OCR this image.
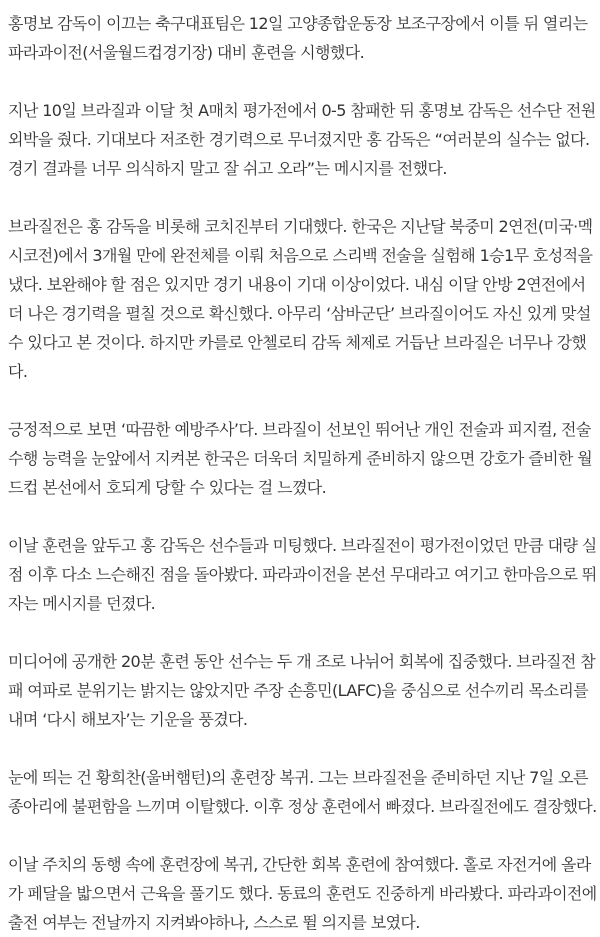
홍명보 감독이 이끄는 축구대표팀은 12일 고양종합운동장 보조구장에서 이틀 뒤 열리는
파라과이전(서울월드컵경기장) 대비 훈련을 시행했다.
지난 10일 브라질과 이달 첫 A매치 평가전에서 0-5 참패한 뒤 홍명보 감독은 선수단 전원
외박을 줬다. 기대보다 저조한 경기력으로 무너졌지만 홍 감독은 “여러분의 실수는 없다.
경기 결과를 너무 의식하지 말고 잘 쉬고 오라”는 메시지를 전했다.
브라질전은 홍 감독을 비롯해 코치진부터 기대했다. 한국은 지난달 북중미 2연전(미국·멕
시코전)에서 3개월 만에 완전체를 이뤄 처음으로 스리백 전술을 실험해 1승1무 호성적을
냈다. 보완해야 할 점은 있지만 경기 내용이 기대 이상이었다. 내심 이달 안방 2연전에서
더 나은 경기력을 펼칠 것으로 확신했다. 아무리 ‘삼바군단’ 브라질이어도 자신 있게 맞설
수 있다고 본 것이다. 하지만 카를로 안첼로티 감독 체제로 거듭난 브라질은 너무나 강했
다.
긍정적으로 보면 ‘따끔한 예방주사’다. 브라질이 선보인 뛰어난 개인 전술과 피지컬, 전술
수행 능력을 눈앞에서 지켜본 한국은 더욱더 치밀하게 준비하지 않으면 강호가 즐비한 월
드컵 본선에서 호되게 당할 수 있다는 걸 느꼈다.
이날 훈련을 앞두고 홍 감독은 선수들과 미팅했다. 브라질전이 평가전이었던 만큼 대량 실
점 이후 다소 느슨해진 점을 돌아봤다. 파라과이전을 본선 무대라고 여기고 한마음으로 뛰
자는 메시지를 던졌다.
미디어에 공개한 20분 훈련 동안 선수는 두 개 조로 나뉘어 회복에 집중했다. 브라질전 참
패 여파로 분위기는 밝지는 않았지만 주장 손흥민(LAFC)을 중심으로 선수끼리 목소리를
내며 ‘다시 해보자’는 기운을 풍겼다.
눈에 띄는 건 황희찬(울버햄턴)의 훈련장 복귀. 그는 브라질전을 준비하던 지난 7일 오른
종아리에 불편함을 느끼며 이탈했다. 이후 정상 훈련에서 빠졌다. 브라질전에도 결장했다.
이날 주치의 동행 속에 훈련장에 복귀, 간단한 회복 훈련에 참여했다. 홀로 자전거에 올라
가 페달을 밟으면서 근육을 풀기도 했다. 동료의 훈련도 진중하게 바라봤다. 파라과이전에
출전 여부는 전날까지 지켜봐야하나, 스스로 뛸 의지를 보였다.
